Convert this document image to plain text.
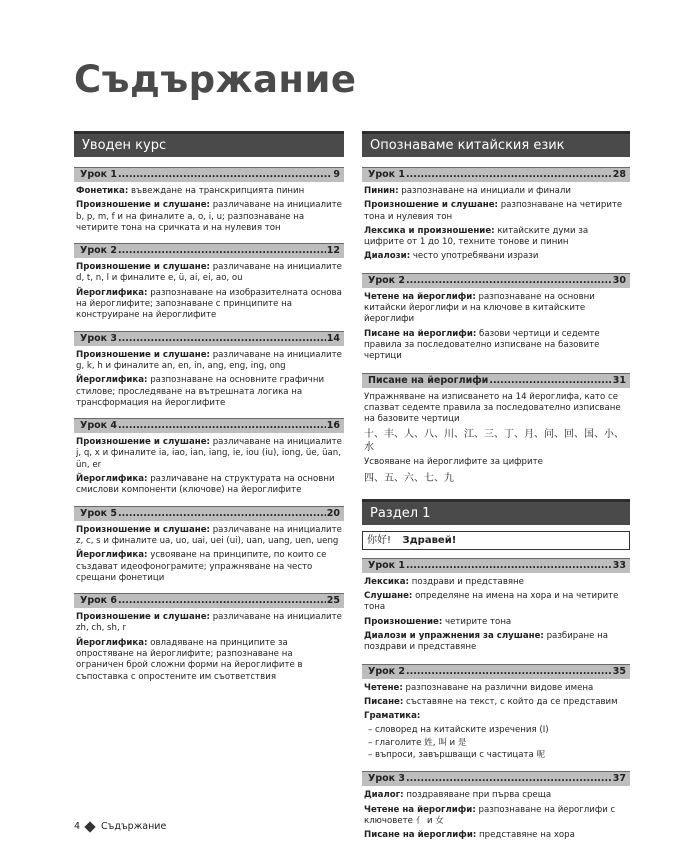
Съдържание
Уводен курс
Урок 1 .....	9
Фонетика: въвеждане на транскрипцията пинин
Произношение и слушане: различаване на инициалите b, p, m, f и на финалите a, o, i, u; разпознаване на четирите тона на сричката и на нулевия тон
Урок 2 .....	12
Произношение и слушане: различаване на инициалите d, t, n, l и финалите e, ü, ai, ei, ao, ou
Йероглифика: разпознаване на изобразителната основа на йероглифите; запознаване с принципите на конструиране на йероглифите
Урок 3 .....	14
Произношение и слушане: различаване на инициалите g, k, h и финалите an, en, in, ang, eng, ing, ong
Йероглифика: разпознаване на основните графични стилове; проследяване на вътрешната логика на трансформация на йероглифите
Урок 4 .....	16
Произношение и слушане: различаване на инициалите j, q, x и финалите ia, iao, ian, iang, ie, iou (iu), iong, üe, üan, ün, er
Йероглифика: различаване на структурата на основни смислови компоненти (ключове) на йероглифите
Урок 5 .....	20
Произношение и слушане: различаване на инициалите z, c, s и финалите ua, uo, uai, uei (ui), uan, uang, uen, ueng
Йероглифика: усвояване на принципите, по които се създават идеофонограмите; упражняване на често срещани фонетици
Урок 6 .....	25
Произношение и слушане: различаване на инициалите zh, ch, sh, r
Йероглифика: овладяване на принципите за опростяване на йероглифите; разпознаване на ограничен брой сложни форми на йероглифите в съпоставка с опростените им съответствия
Опознаваме китайския език
Урок 1 .....	28
Пинин: разпознаване на инициали и финали
Произношение и слушане: разпознаване на четирите тона и нулевия тон
Лексика и произношение: китайските думи за цифрите от 1 до 10, техните тонове и пинин
Диалози: често употребявани изрази
Урок 2 .....	30
Четене на йероглифи: разпознаване на основни китайски йероглифи и на ключове в китайските йероглифи
Писане на йероглифи: базови чертици и седемте правила за последователно изписване на базовите чертици
Писане на йероглифи .....	31
Упражняване на изписването на 14 йероглифа, като се спазват седемте правила за последователно изписване на базовите чертици
十、丰、人、八、川、江、三、丁、月、问、回、国、小、水
Усвояване на йероглифите за цифрите
四、五、六、七、九
Раздел 1
你好! Здравей!
Урок 1 .....	33
Лексика: поздрави и представяне
Слушане: определяне на имена на хора и на четирите тона
Произношение: четирите тона
Диалози и упражнения за слушане: разбиране на поздрави и представяне
Урок 2 .....	35
Четене: разпознаване на различни видове имена
Писане: съставяне на текст, с който да се представим
Граматика:
– словоред на китайските изречения (I)
– глаголите 姓, 叫 и 是
– въпроси, завършващи с частицата 呢
Урок 3 .....	37
Диалог: поздравяване при първа среща
Четене на йероглифи: разпознаване на йероглифи с ключовете 亻 и 女
Писане на йероглифи: представяне на хора
4 Съдържание
